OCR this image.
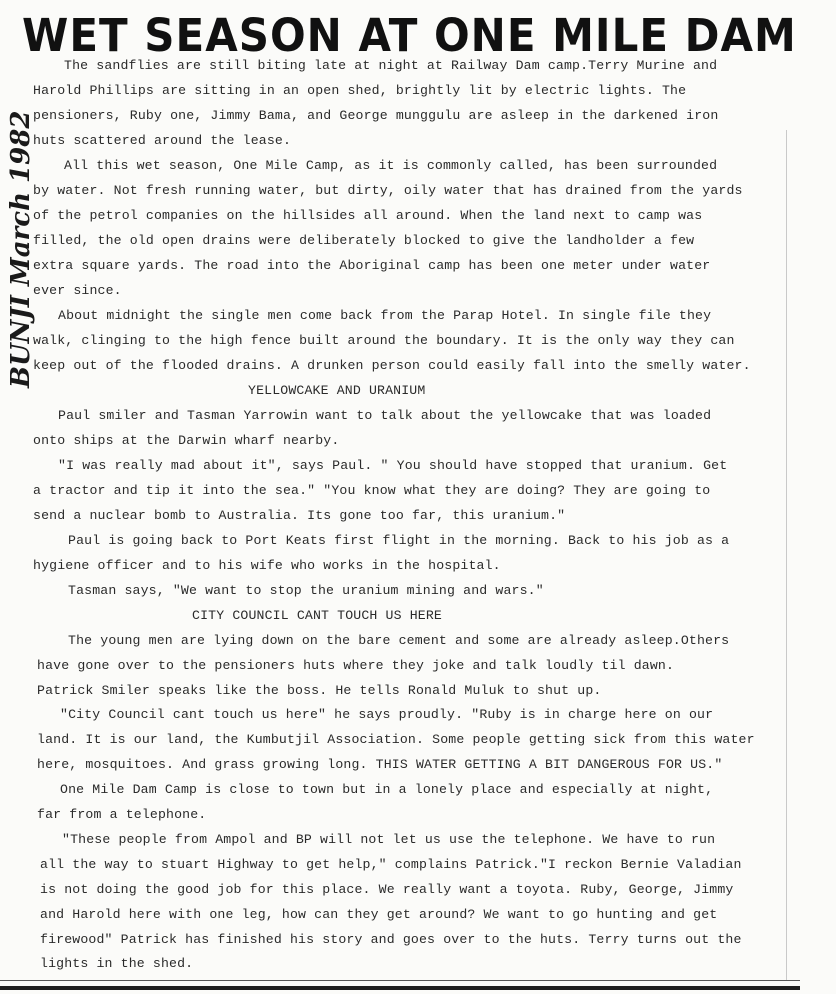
WET SEASON AT ONE MILE DAM
BUNJI March 1982
The sandflies are still biting late at night at Railway Dam camp.Terry Murine and
Harold Phillips are sitting in an open shed, brightly lit by electric lights. The
pensioners, Ruby one, Jimmy Bama, and George munggulu are asleep in the darkened iron
huts scattered around the lease.
All this wet season, One Mile Camp, as it is commonly called, has been surrounded
by water. Not fresh running water, but dirty, oily water that has drained from the yards
of the petrol companies on the hillsides all around. When the land next to camp was
filled, the old open drains were deliberately blocked to give the landholder a few
extra square yards. The road into the Aboriginal camp has been one meter under water
ever since.
About midnight the single men come back from the Parap Hotel. In single file they
walk, clinging to the high fence built around the boundary. It is the only way they can
keep out of the flooded drains. A drunken person could easily fall into the smelly water.
YELLOWCAKE AND URANIUM
Paul smiler and Tasman Yarrowin want to talk about the yellowcake that was loaded
onto ships at the Darwin wharf nearby.
"I was really mad about it", says Paul. " You should have stopped that uranium. Get
a tractor and tip it into the sea." "You know what they are doing? They are going to
send a nuclear bomb to Australia. Its gone too far, this uranium."
Paul is going back to Port Keats first flight in the morning. Back to his job as a
hygiene officer and to his wife who works in the hospital.
Tasman says, "We want to stop the uranium mining and wars."
CITY COUNCIL CANT TOUCH US HERE
The young men are lying down on the bare cement and some are already asleep.Others
have gone over to the pensioners huts where they joke and talk loudly til dawn.
Patrick Smiler speaks like the boss. He tells Ronald Muluk to shut up.
"City Council cant touch us here" he says proudly. "Ruby is in charge here on our
land. It is our land, the Kumbutjil Association. Some people getting sick from this water
here, mosquitoes. And grass growing long. THIS WATER GETTING A BIT DANGEROUS FOR US."
One Mile Dam Camp is close to town but in a lonely place and especially at night,
far from a telephone.
"These people from Ampol and BP will not let us use the telephone. We have to run
all the way to stuart Highway to get help," complains Patrick."I reckon Bernie Valadian
is not doing the good job for this place. We really want a toyota. Ruby, George, Jimmy
and Harold here with one leg, how can they get around? We want to go hunting and get
firewood" Patrick has finished his story and goes over to the huts. Terry turns out the
lights in the shed.
